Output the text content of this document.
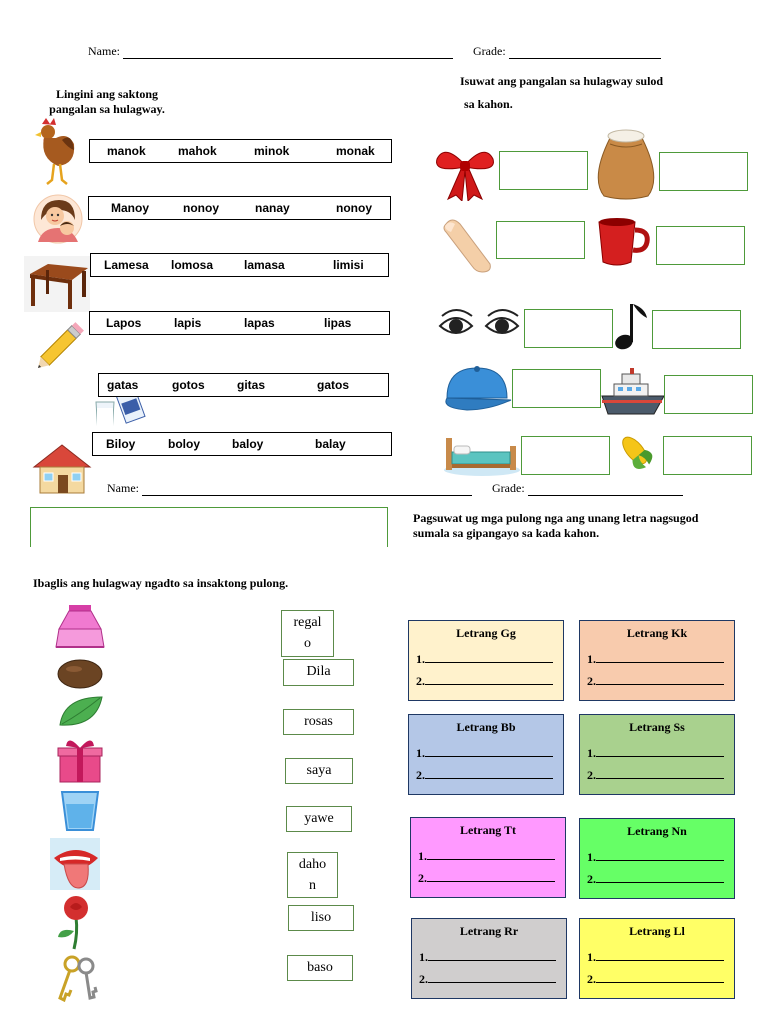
Name:	Grade:
Lingini ang saktong pangalan sa hulagway.
Isuwat ang pangalan sa hulagway sulod
sa kahon.
manok	mahok	minok	monak
Manoy	nonoy	nanay	nonoy
Lamesa lomosa	lamasa	limisi
Lapos	lapis	lapas	lipas
gatas	gotos	gitas	gatos
Biloy	boloy	baloy	balay
Name:	Grade:
Pagsuwat ug mga pulong nga ang unang letra nagsugod
sumala sa gipangayo sa kada kahon.
Ibaglis ang hulagway ngadto sa insaktong pulong.
regal
o
Dila
rosas
saya
yawe
daho
n
liso
baso
Letrang Gg
1.
2.
Letrang Kk
1.
2.
Letrang Bb
1.
2.
Letrang Ss
1.
2.
Letrang Tt
1.
2.
Letrang Nn
1.
2.
Letrang Rr
1.
2.
Letrang Ll
1.
2.
